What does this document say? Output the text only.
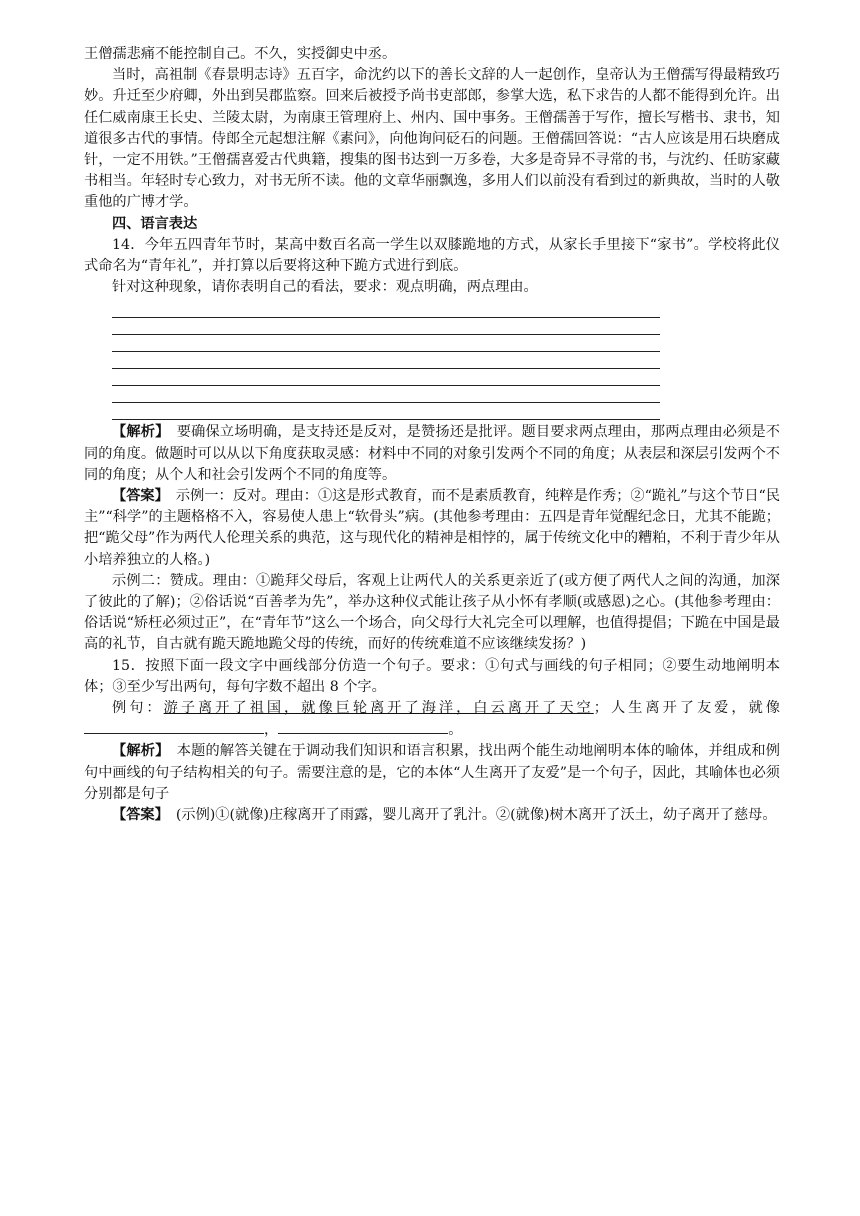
王僧孺悲痛不能控制自己。不久，实授御史中丞。

当时，高祖制《春景明志诗》五百字，命沈约以下的善长文辞的人一起创作，皇帝认为王僧孺写得最精致巧妙。升迁至少府卿，外出到吴郡监察。回来后被授予尚书吏部郎，参掌大选，私下求告的人都不能得到允许。出任仁威南康王长史、兰陵太尉，为南康王管理府上、州内、国中事务。王僧孺善于写作，擅长写楷书、隶书，知道很多古代的事情。侍郎全元起想注解《素问》，向他询问砭石的问题。王僧孺回答说：“古人应该是用石块磨成针，一定不用铁。”王僧孺喜爱古代典籍，搜集的图书达到一万多卷，大多是奇异不寻常的书，与沈约、任昉家藏书相当。年轻时专心致力，对书无所不读。他的文章华丽飘逸，多用人们以前没有看到过的新典故，当时的人敬重他的广博才学。

四、语言表达

14．今年五四青年节时，某高中数百名高一学生以双膝跪地的方式，从家长手里接下“家书”。学校将此仪式命名为“青年礼”，并打算以后要将这种下跪方式进行到底。

针对这种现象，请你表明自己的看法，要求：观点明确，两点理由。

【解析】　要确保立场明确，是支持还是反对，是赞扬还是批评。题目要求两点理由，那两点理由必须是不同的角度。做题时可以从以下角度获取灵感：材料中不同的对象引发两个不同的角度；从表层和深层引发两个不同的角度；从个人和社会引发两个不同的角度等。

【答案】　示例一：反对。理由：①这是形式教育，而不是素质教育，纯粹是作秀；②“跪礼”与这个节日“民主”“科学”的主题格格不入，容易使人患上“软骨头”病。(其他参考理由：五四是青年觉醒纪念日，尤其不能跪；把“跪父母”作为两代人伦理关系的典范，这与现代化的精神是相悖的，属于传统文化中的糟粕，不利于青少年从小培养独立的人格。)

示例二：赞成。理由：①跪拜父母后，客观上让两代人的关系更亲近了(或方便了两代人之间的沟通，加深了彼此的了解)；②俗话说“百善孝为先”，举办这种仪式能让孩子从小怀有孝顺(或感恩)之心。(其他参考理由：俗话说“矫枉必须过正”，在“青年节”这么一个场合，向父母行大礼完全可以理解，也值得提倡；下跪在中国是最高的礼节，自古就有跪天跪地跪父母的传统，而好的传统难道不应该继续发扬？)

15．按照下面一段文字中画线部分仿造一个句子。要求：①句式与画线的句子相同；②要生动地阐明本体；③至少写出两句，每句字数不超出 8 个字。

例句：游子离开了祖国，就像巨轮离开了海洋，白云离开了天空；人生离开了友爱，就像，	。

【解析】　本题的解答关键在于调动我们知识和语言积累，找出两个能生动地阐明本体的喻体，并组成和例句中画线的句子结构相关的句子。需要注意的是，它的本体“人生离开了友爱”是一个句子，因此，其喻体也必须分别都是句子

【答案】　(示例)①(就像)庄稼离开了雨露，婴儿离开了乳汁。②(就像)树木离开了沃土，幼子离开了慈母。
